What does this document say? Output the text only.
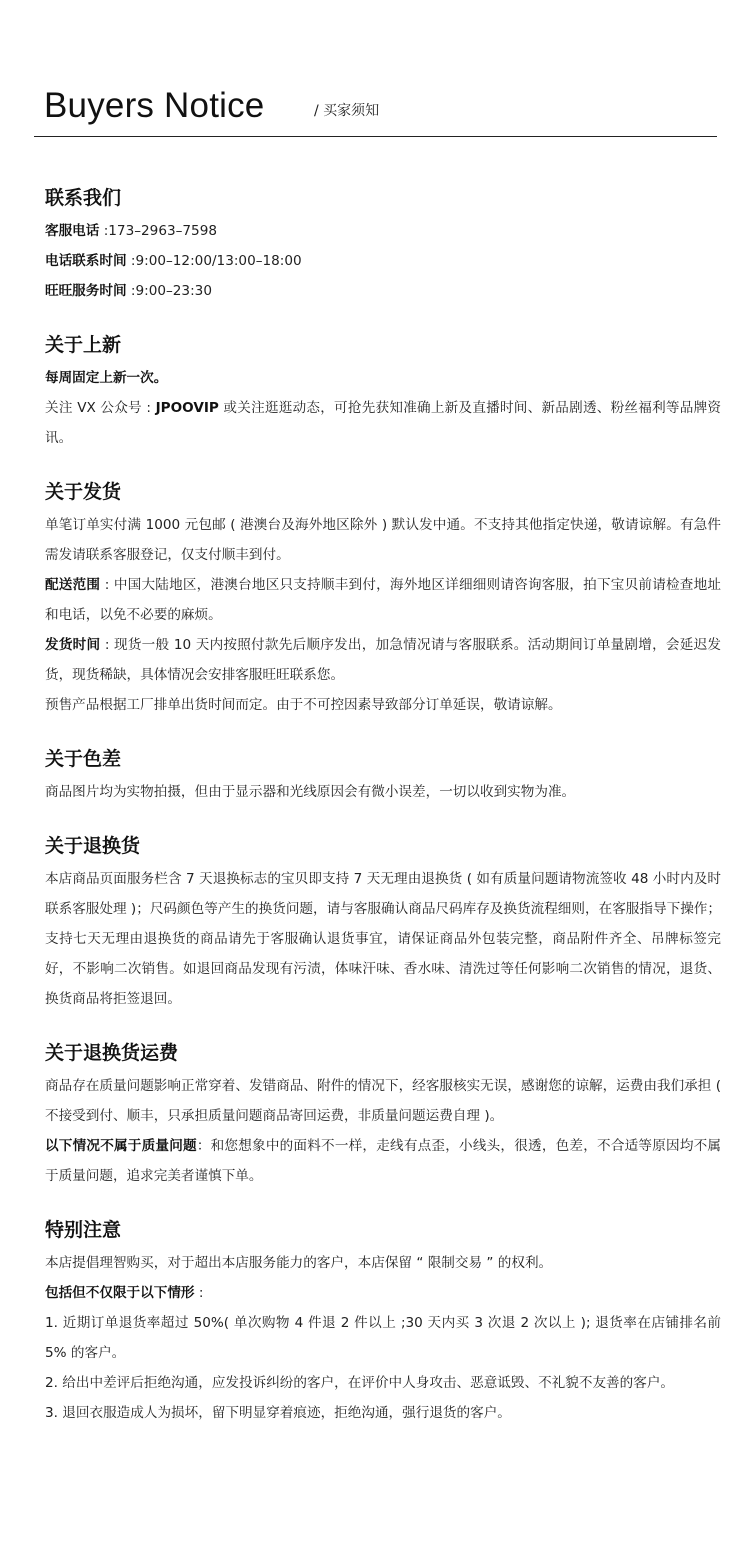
Buyers Notice	/ 买家须知
联系我们
客服电话 :173–2963–7598
电话联系时间 :9:00–12:00/13:00–18:00
旺旺服务时间 :9:00–23:30
关于上新
每周固定上新一次。
关注 VX 公众号 : JPOOVIP 或关注逛逛动态，可抢先获知准确上新及直播时间、新品剧透、粉丝福利等品牌资讯。
关于发货
单笔订单实付满 1000 元包邮 ( 港澳台及海外地区除外 ) 默认发中通。不支持其他指定快递，敬请谅解。有急件需发请联系客服登记，仅支付顺丰到付。
配送范围 : 中国大陆地区，港澳台地区只支持顺丰到付，海外地区详细细则请咨询客服，拍下宝贝前请检查地址和电话，以免不必要的麻烦。
发货时间 : 现货一般 10 天内按照付款先后顺序发出，加急情况请与客服联系。活动期间订单量剧增，会延迟发货，现货稀缺，具体情况会安排客服旺旺联系您。
预售产品根据工厂排单出货时间而定。由于不可控因素导致部分订单延误，敬请谅解。
关于色差
商品图片均为实物拍摄，但由于显示器和光线原因会有微小误差，一切以收到实物为准。
关于退换货
本店商品页面服务栏含 7 天退换标志的宝贝即支持 7 天无理由退换货 ( 如有质量问题请物流签收 48 小时内及时联系客服处理 )；尺码颜色等产生的换货问题，请与客服确认商品尺码库存及换货流程细则，在客服指导下操作；支持七天无理由退换货的商品请先于客服确认退货事宜，请保证商品外包装完整，商品附件齐全、吊牌标签完好，不影响二次销售。如退回商品发现有污渍，体味汗味、香水味、清洗过等任何影响二次销售的情况，退货、换货商品将拒签退回。
关于退换货运费
商品存在质量问题影响正常穿着、发错商品、附件的情况下，经客服核实无误，感谢您的谅解，运费由我们承担 ( 不接受到付、顺丰，只承担质量问题商品寄回运费，非质量问题运费自理 )。
以下情况不属于质量问题：和您想象中的面料不一样，走线有点歪，小线头，很透，色差，不合适等原因均不属于质量问题，追求完美者谨慎下单。
特别注意
本店提倡理智购买，对于超出本店服务能力的客户，本店保留 “ 限制交易 ” 的权利。
包括但不仅限于以下情形 :
1. 近期订单退货率超过 50%( 单次购物 4 件退 2 件以上 ;30 天内买 3 次退 2 次以上 ); 退货率在店铺排名前 5% 的客户。
2. 给出中差评后拒绝沟通，应发投诉纠纷的客户，在评价中人身攻击、恶意诋毁、不礼貌不友善的客户。
3. 退回衣服造成人为损坏，留下明显穿着痕迹，拒绝沟通，强行退货的客户。
